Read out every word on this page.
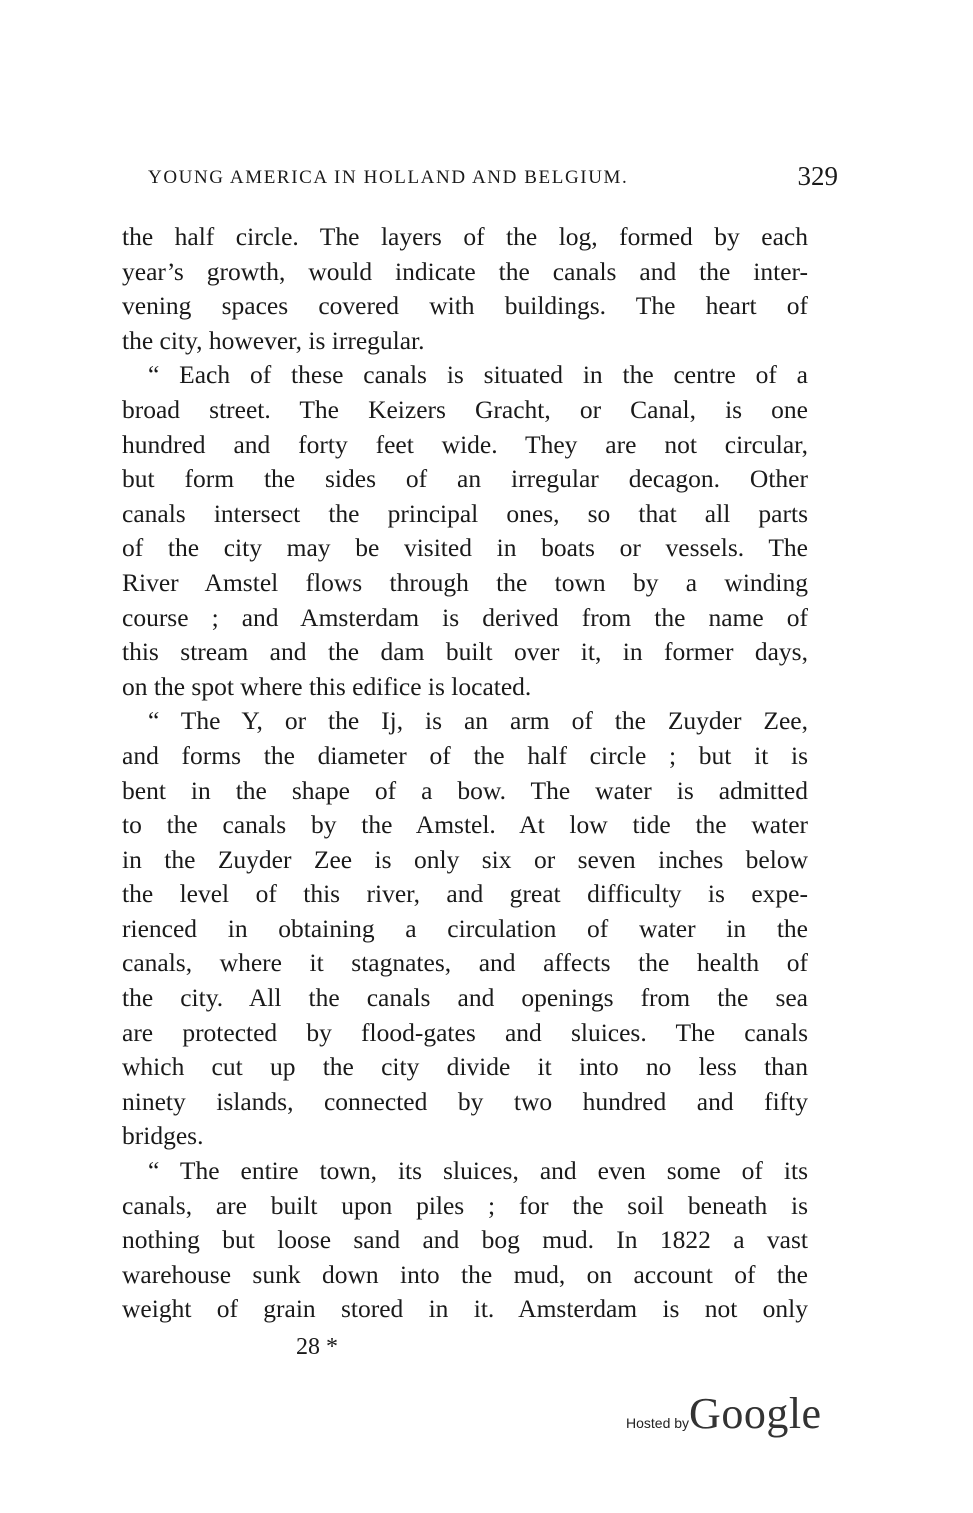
YOUNG AMERICA IN HOLLAND AND BELGIUM.	329
the half circle. The layers of the log, formed by each
year’s growth, would indicate the canals and the inter-
vening spaces covered with buildings. The heart of
the city, however, is irregular.
“ Each of these canals is situated in the centre of a
broad street. The Keizers Gracht, or Canal, is one
hundred and forty feet wide. They are not circular,
but form the sides of an irregular decagon. Other
canals intersect the principal ones, so that all parts
of the city may be visited in boats or vessels. The
River Amstel flows through the town by a winding
course ; and Amsterdam is derived from the name of
this stream and the dam built over it, in former days,
on the spot where this edifice is located.
“ The Y, or the Ij, is an arm of the Zuyder Zee,
and forms the diameter of the half circle ; but it is
bent in the shape of a bow. The water is admitted
to the canals by the Amstel. At low tide the water
in the Zuyder Zee is only six or seven inches below
the level of this river, and great difficulty is expe-
rienced in obtaining a circulation of water in the
canals, where it stagnates, and affects the health of
the city. All the canals and openings from the sea
are protected by flood-gates and sluices. The canals
which cut up the city divide it into no less than
ninety islands, connected by two hundred and fifty
bridges.
“ The entire town, its sluices, and even some of its
canals, are built upon piles ; for the soil beneath is
nothing but loose sand and bog mud. In 1822 a vast
warehouse sunk down into the mud, on account of the
weight of grain stored in it. Amsterdam is not only
28 *
Hosted byGoogle
